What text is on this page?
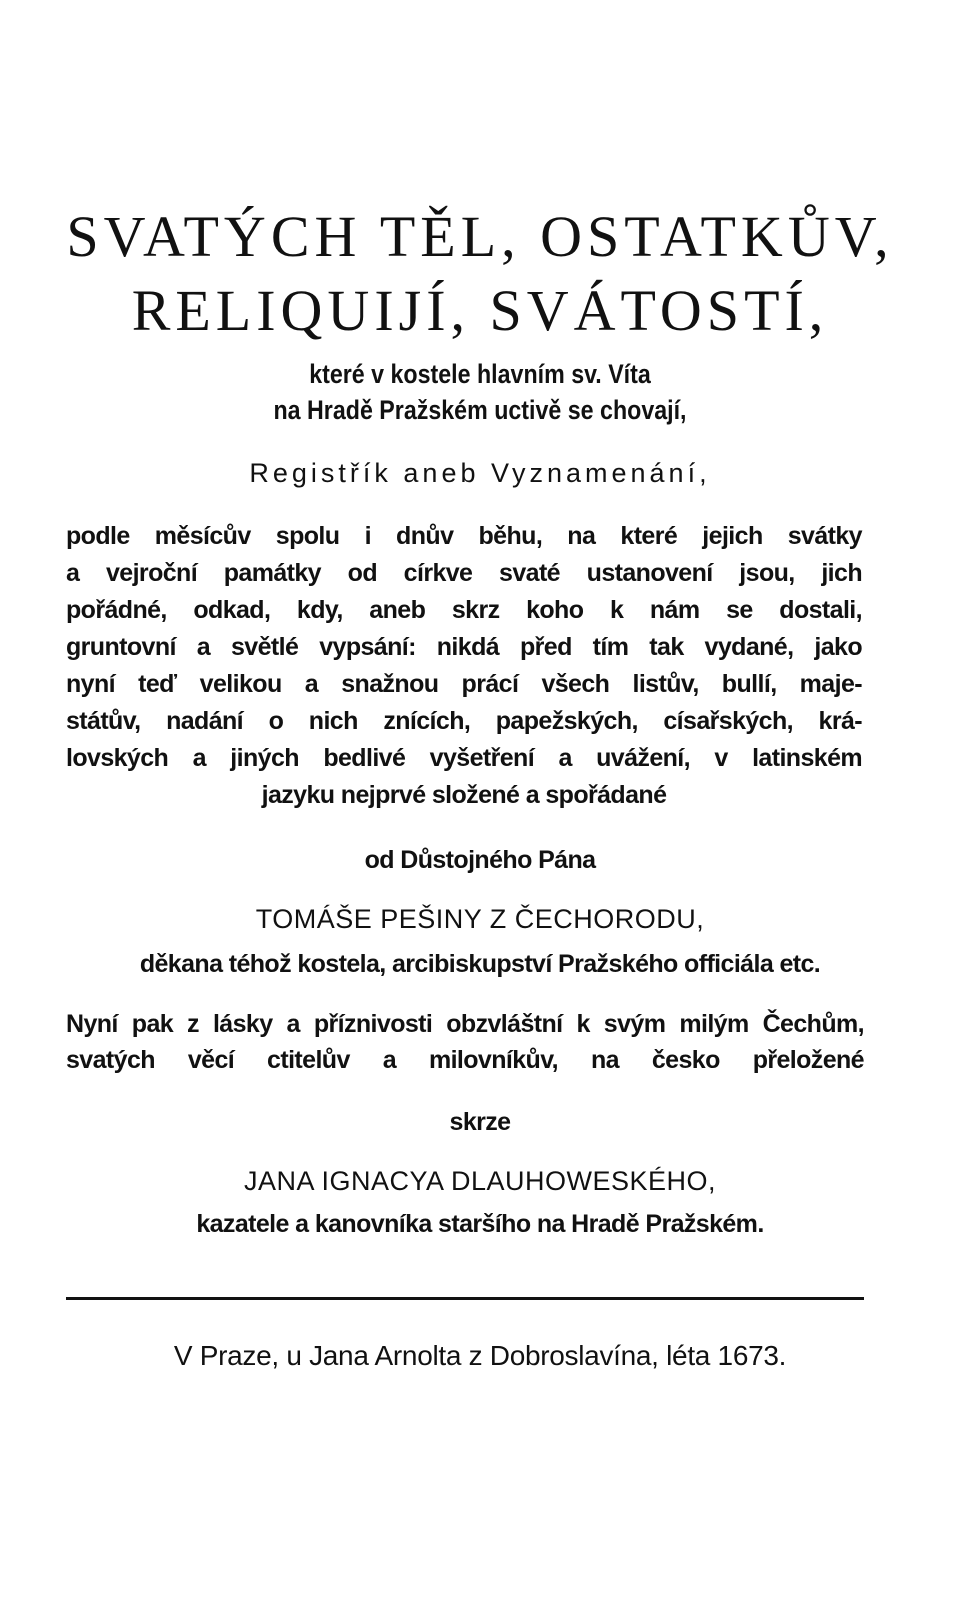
SVATÝCH TĚL, OSTATKŮV,
RELIQUIJÍ, SVÁTOSTÍ,
které v kostele hlavním sv. Víta
na Hradě Pražském uctivě se chovají,
Registřík aneb Vyznamenání,
podle měsícův spolu i dnův běhu, na které jejich svátky
a vejroční památky od církve svaté ustanovení jsou, jich
pořádné, odkad, kdy, aneb skrz koho k nám se dostali,
gruntovní a světlé vypsání: nikdá před tím tak vydané, jako
nyní teď velikou a snažnou prácí všech listův, bullí, maje-
státův, nadání o nich znících, papežských, císařských, krá-
lovských a jiných bedlivé vyšetření a uvážení, v latinském
jazyku nejprvé složené a spořádané
od Důstojného Pána
TOMÁŠE PEŠINY Z ČECHORODU,
děkana téhož kostela, arcibiskupství Pražského officiála etc.
Nyní pak z lásky a příznivosti obzvláštní k svým milým Čechům,
svatých věcí ctitelův a milovníkův, na česko přeložené
skrze
JANA IGNACYA DLAUHOWESKÉHO,
kazatele a kanovníka staršího na Hradě Pražském.
V Praze, u Jana Arnolta z Dobroslavína, léta 1673.
